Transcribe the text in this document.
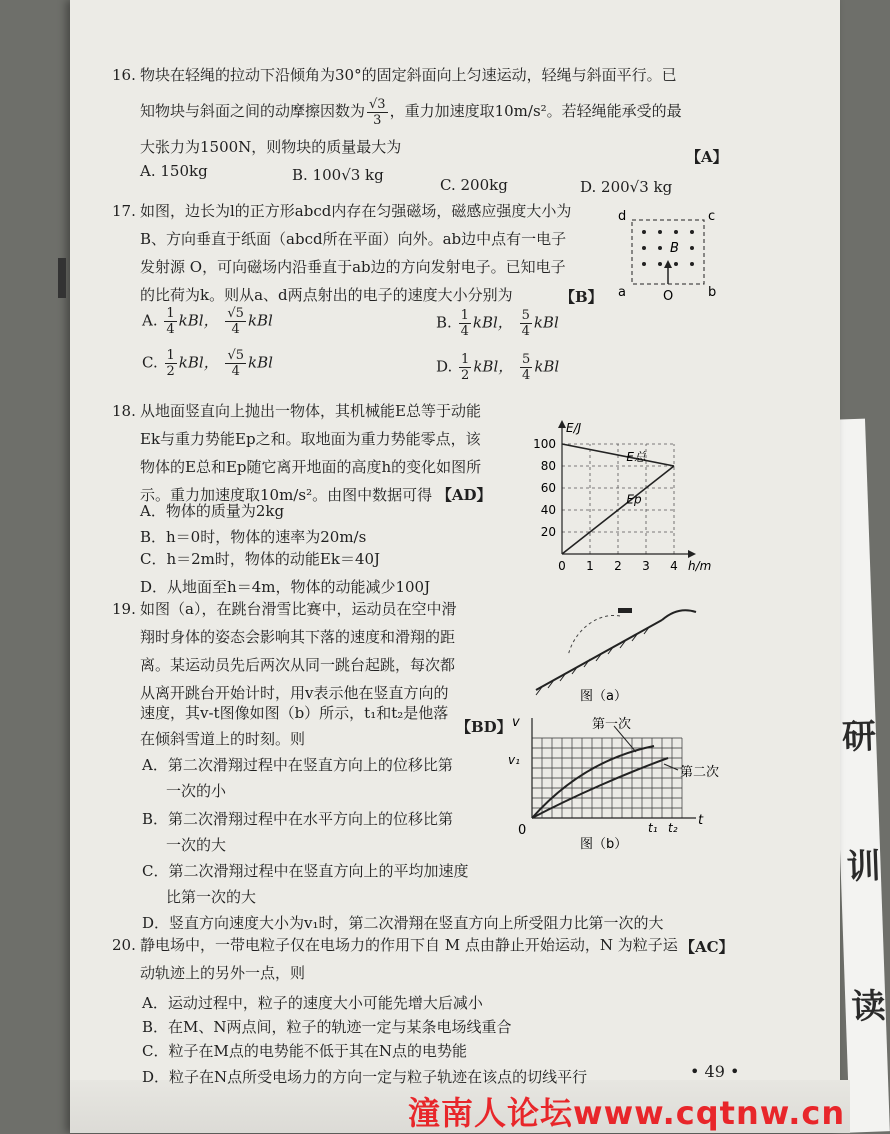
研
训
读
16. 物块在轻绳的拉动下沿倾角为30°的固定斜面向上匀速运动，轻绳与斜面平行。已
知物块与斜面之间的动摩擦因数为 $\frac{√3}{3}$ ，重力加速度取10m/s²。若轻绳能承受的最
大张力为1500N，则物块的质量最大为
【A】
A. 150kg	B. 100√3 kg
C. 200kg	D. 200√3 kg
17. 如图，边长为l的正方形abcd内存在匀强磁场，磁感应强度大小为
B、方向垂直于纸面（abcd所在平面）向外。ab边中点有一电子
发射源 O，可向磁场内沿垂直于ab边的方向发射电子。已知电子
的比荷为k。则从a、d两点射出的电子的速度大小分别为	【B】
A. $\frac{1}{4}$ kBl， $\frac{√5}{4}$ kBl	B. $\frac{1}{4}$ kBl， $\frac{5}{4}$ kBl
C. $\frac{1}{2}$ kBl， $\frac{√5}{4}$ kBl	D. $\frac{1}{2}$ kBl， $\frac{5}{4}$ kBl
d	c
a	b
O
B
18. 从地面竖直向上抛出一物体，其机械能E总等于动能
Ek与重力势能Ep之和。取地面为重力势能零点，该
物体的E总和Ep随它离开地面的高度h的变化如图所
示。重力加速度取10m/s²。由图中数据可得 【AD】
A．物体的质量为2kg
B．h＝0时，物体的速率为20m/s
C．h＝2m时，物体的动能Ek＝40J
D．从地面至h＝4m，物体的动能减少100J
E总
Ep
20
40
60
80
100
0 1 2 3 4 h/m
E/J
19. 如图（a），在跳台滑雪比赛中，运动员在空中滑
翔时身体的姿态会影响其下落的速度和滑翔的距
离。某运动员先后两次从同一跳台起跳，每次都
从离开跳台开始计时，用v表示他在竖直方向的
速度，其v-t图像如图（b）所示，t₁和t₂是他落
在倾斜雪道上的时刻。则
【BD】
A．第二次滑翔过程中在竖直方向上的位移比第
一次的小
B．第二次滑翔过程中在水平方向上的位移比第
一次的大
C．第二次滑翔过程中在竖直方向上的平均加速度
比第一次的大
D．竖直方向速度大小为v₁时，第二次滑翔在竖直方向上所受阻力比第一次的大
图（a）
v
v₁
0	t₁ t₂ t
第一次
第二次
图（b）
20. 静电场中，一带电粒子仅在电场力的作用下自 M 点由静止开始运动，N 为粒子运 【AC】
动轨迹上的另外一点，则
A．运动过程中，粒子的速度大小可能先增大后减小
B．在M、N两点间，粒子的轨迹一定与某条电场线重合
C．粒子在M点的电势能不低于其在N点的电势能
D．粒子在N点所受电场力的方向一定与粒子轨迹在该点的切线平行	• 49 •
潼南人论坛www.cqtnw.cn
